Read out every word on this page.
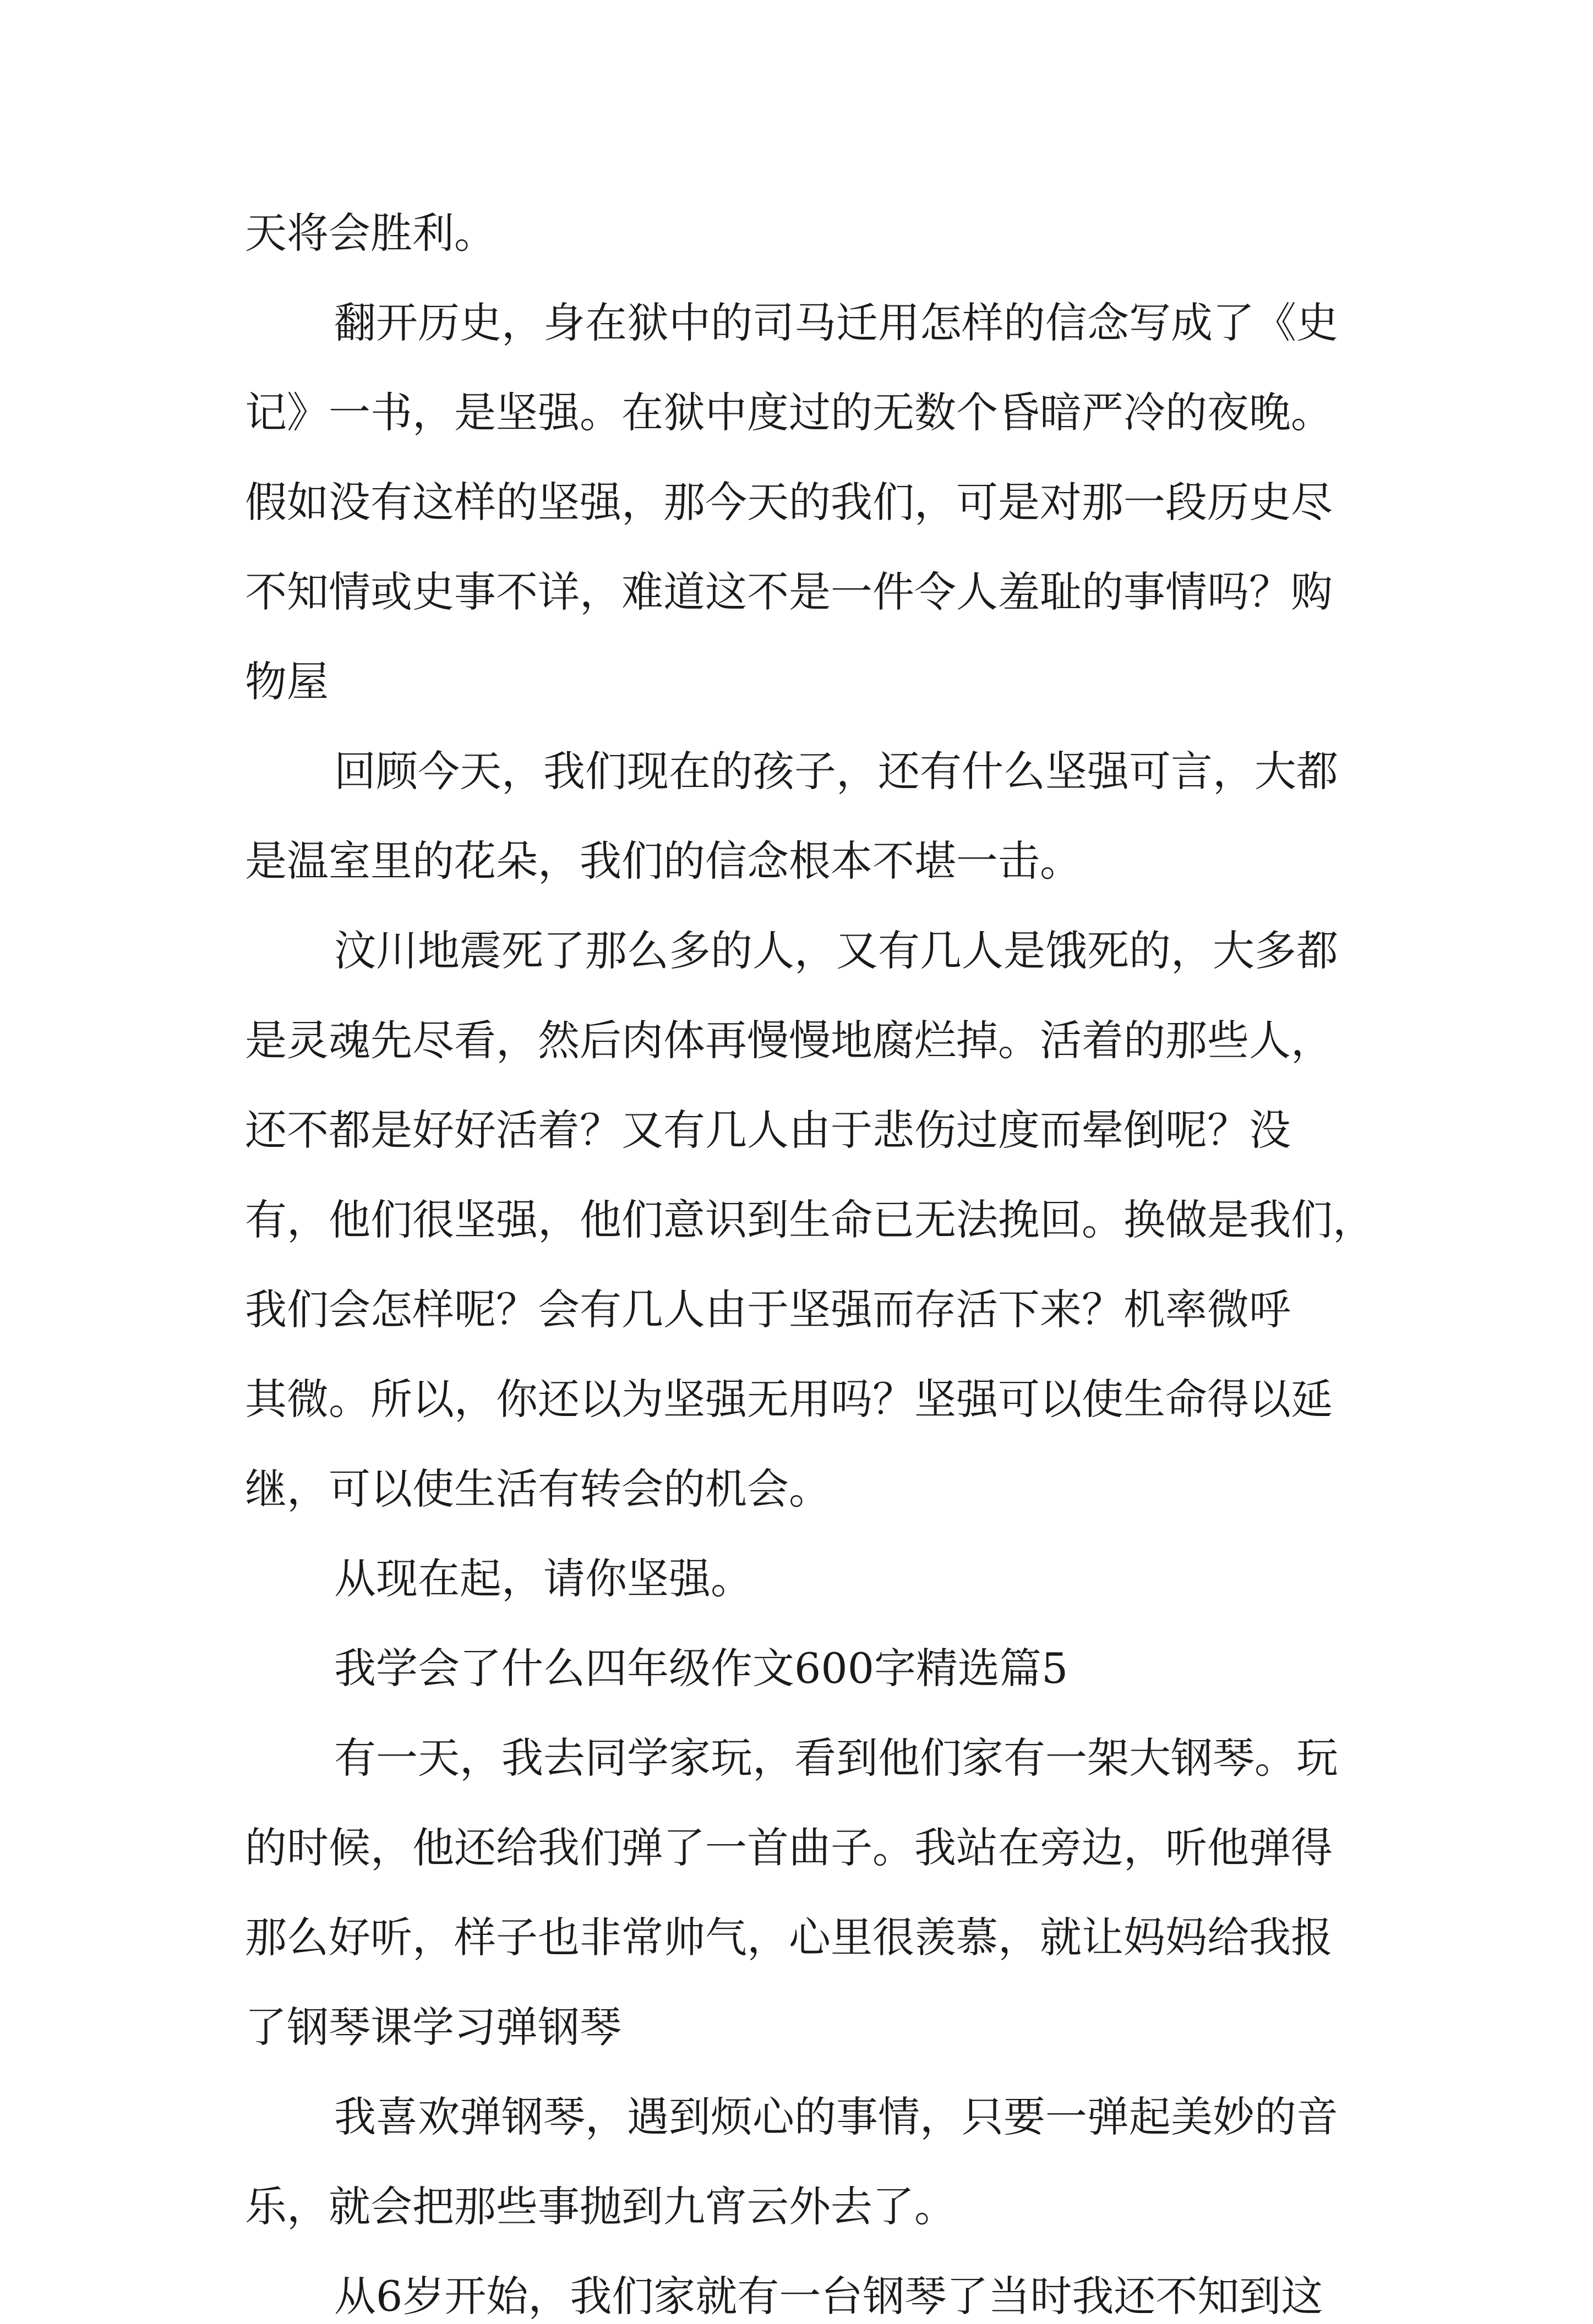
天将会胜利。
翻开历史，身在狱中的司马迁用怎样的信念写成了《史
记》一书，是坚强。在狱中度过的无数个昏暗严冷的夜晚。
假如没有这样的坚强，那今天的我们，可是对那一段历史尽
不知情或史事不详，难道这不是一件令人羞耻的事情吗？购
物屋
回顾今天，我们现在的孩子，还有什么坚强可言，大都
是温室里的花朵，我们的信念根本不堪一击。
汶川地震死了那么多的人，又有几人是饿死的，大多都
是灵魂先尽看，然后肉体再慢慢地腐烂掉。活着的那些人，
还不都是好好活着？又有几人由于悲伤过度而晕倒呢？没
有，他们很坚强，他们意识到生命已无法挽回。换做是我们，
我们会怎样呢？会有几人由于坚强而存活下来？机率微呼
其微。所以，你还以为坚强无用吗？坚强可以使生命得以延
继，可以使生活有转会的机会。
从现在起，请你坚强。
我学会了什么四年级作文600字精选篇5
有一天，我去同学家玩，看到他们家有一架大钢琴。玩
的时候，他还给我们弹了一首曲子。我站在旁边，听他弹得
那么好听，样子也非常帅气，心里很羡慕，就让妈妈给我报
了钢琴课学习弹钢琴
我喜欢弹钢琴，遇到烦心的事情，只要一弹起美妙的音
乐，就会把那些事抛到九宵云外去了。
从6岁开始，我们家就有一台钢琴了当时我还不知到这
